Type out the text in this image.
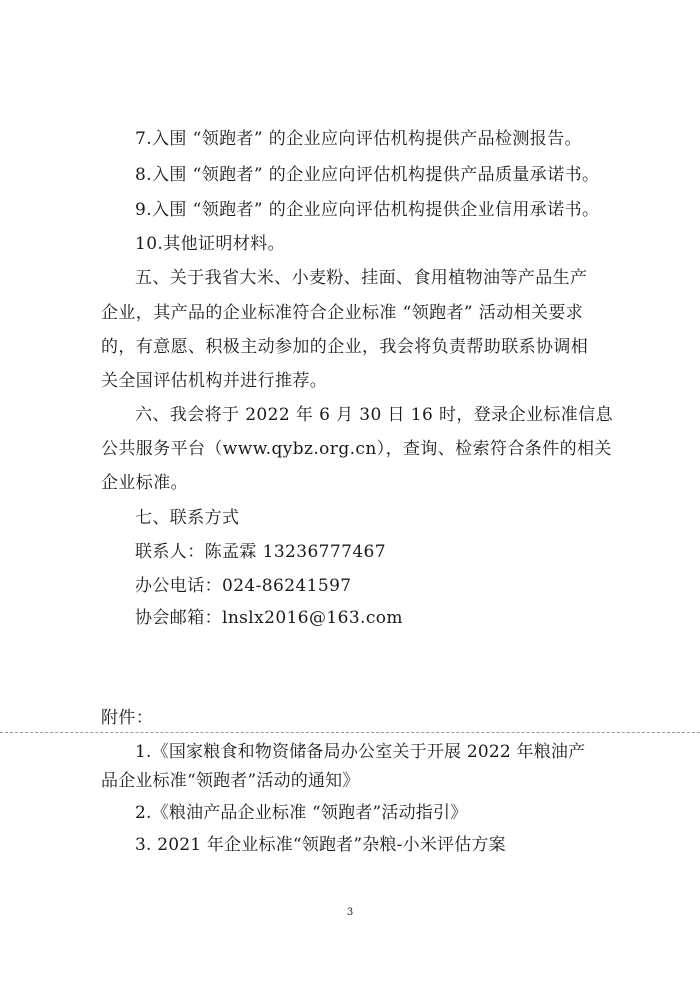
7.入围 “领跑者” 的企业应向评估机构提供产品检测报告。
8.入围 “领跑者” 的企业应向评估机构提供产品质量承诺书。
9.入围 “领跑者” 的企业应向评估机构提供企业信用承诺书。
10.其他证明材料。
五、关于我省大米、小麦粉、挂面、食用植物油等产品生产
企业，其产品的企业标准符合企业标准 “领跑者” 活动相关要求
的，有意愿、积极主动参加的企业，我会将负责帮助联系协调相
关全国评估机构并进行推荐。
六、我会将于 2022 年 6 月 30 日 16 时，登录企业标准信息
公共服务平台（www.qybz.org.cn），查询、检索符合条件的相关
企业标准。
七、联系方式
联系人：陈孟霖 13236777467
办公电话：024-86241597
协会邮箱：lnslx2016@163.com
附件：
1.《国家粮食和物资储备局办公室关于开展 2022 年粮油产
品企业标准“领跑者”活动的通知》
2.《粮油产品企业标准 “领跑者”活动指引》
3. 2021 年企业标准“领跑者”杂粮-小米评估方案
3
